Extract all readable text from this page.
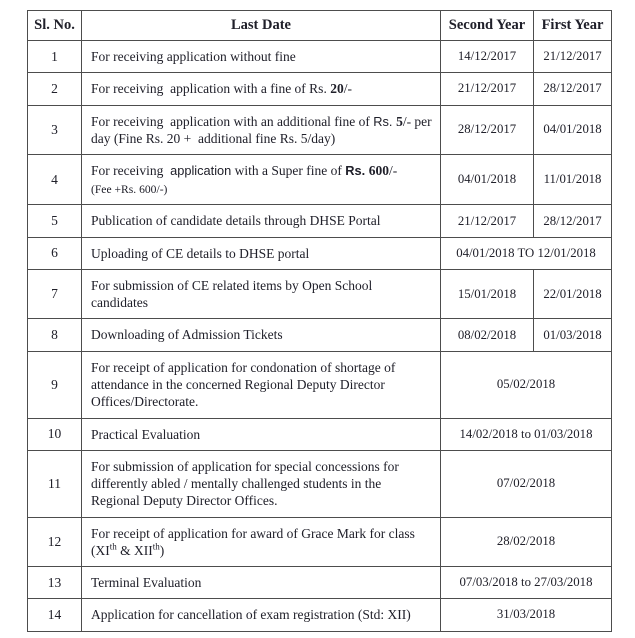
Sl. No.	Last Date	Second Year	First Year
1	For receiving application without fine	14/12/2017	21/12/2017
2	For receiving  application with a fine of Rs. 20/-	21/12/2017	28/12/2017
3	For receiving  application with an additional fine of Rs. 5/- per day (Fine Rs. 20 +  additional fine Rs. 5/day)	28/12/2017	04/01/2018
4	For receiving  application with a Super fine of Rs. 600/-
(Fee +Rs. 600/-)	04/01/2018	11/01/2018
5	Publication of candidate details through DHSE Portal	21/12/2017	28/12/2017
6	Uploading of CE details to DHSE portal	04/01/2018 TO 12/01/2018	
7	For submission of CE related items by Open School candidates	15/01/2018	22/01/2018
8	Downloading of Admission Tickets	08/02/2018	01/03/2018
9	For receipt of application for condonation of shortage of attendance in the concerned Regional Deputy Director Offices/Directorate.	05/02/2018	
10	Practical Evaluation	14/02/2018 to 01/03/2018	
11	For submission of application for special concessions for differently abled / mentally challenged students in the Regional Deputy Director Offices.	07/02/2018	
12	For receipt of application for award of Grace Mark for class (XIth & XIIth)	28/02/2018	
13	Terminal Evaluation	07/03/2018 to 27/03/2018	
14	Application for cancellation of exam registration (Std: XII)	31/03/2018	
